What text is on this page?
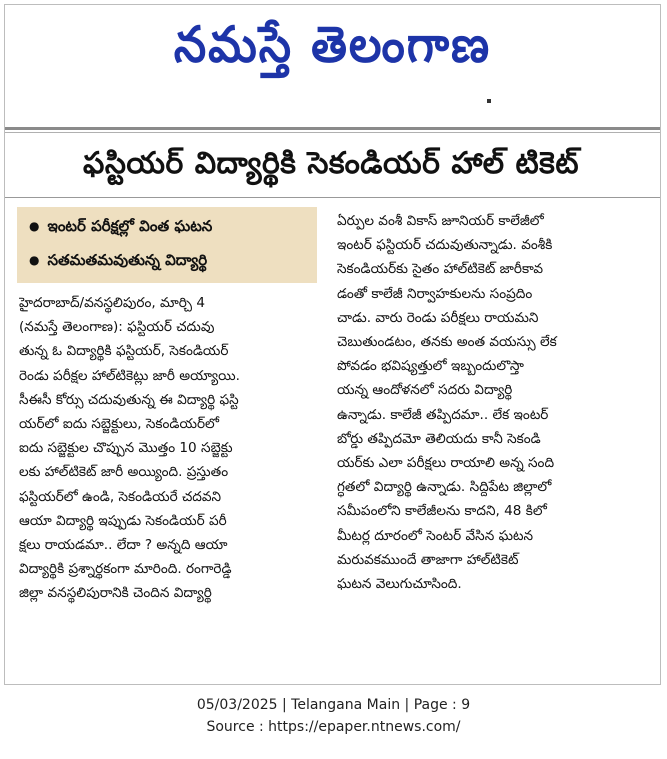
నమస్తే తెలంగాణ
ఫస్టియర్ విద్యార్థికి సెకండియర్ హాల్ టికెట్
● ఇంటర్ పరీక్షల్లో వింత ఘటన
● సతమతమవుతున్న విద్యార్థి
హైదరాబాద్/వనస్థలిపురం, మార్చి 4
(నమస్తే తెలంగాణ): ఫస్టియర్ చదువు
తున్న ఓ విద్యార్థికి ఫస్టియర్, సెకండియర్
రెండు పరీక్షల హాల్‌టికెట్లు జారీ అయ్యాయి.
సీఈసీ కోర్సు చదువుతున్న ఈ విద్యార్థి ఫస్టి
యర్‌లో ఐదు సబ్జెక్టులు, సెకండియర్‌లో
ఐదు సబ్జెక్టుల చొప్పున మొత్తం 10 సబ్జెక్టు
లకు హాల్‌టికెట్ జారీ అయ్యింది. ప్రస్తుతం
ఫస్టియర్‌లో ఉండి, సెకండియరే చదవని
ఆయా విద్యార్థి ఇప్పుడు సెకండియర్ పరీ
క్షలు రాయడమా.. లేదా ? అన్నది ఆయా
విద్యార్థికి ప్రశ్నార్థకంగా మారింది. రంగారెడ్డి
జిల్లా వనస్థలిపురానికి చెందిన విద్యార్థి
ఏర్పుల వంశీ వికాస్ జూనియర్ కాలేజీలో
ఇంటర్ ఫస్టియర్ చదువుతున్నాడు. వంశీకి
సెకండియర్‌కు సైతం హాల్‌టికెట్ జారీకావ
డంతో కాలేజీ నిర్వాహకులను సంప్రదిం
చాడు. వారు రెండు పరీక్షలు రాయమని
చెబుతుండటం, తనకు అంత వయస్సు లేక
పోవడం భవిష్యత్తులో ఇబ్బందులొస్తా
యన్న ఆందోళనలో సదరు విద్యార్థి
ఉన్నాడు. కాలేజీ తప్పిదమా.. లేక ఇంటర్
బోర్డు తప్పిదమో తెలియదు కానీ సెకండి
యర్‌కు ఎలా పరీక్షలు రాయాలి అన్న సంది
గ్ధతలో విద్యార్థి ఉన్నాడు. సిద్దిపేట జిల్లాలో
సమీపంలోని కాలేజీలను కాదని, 48 కిలో
మీటర్ల దూరంలో సెంటర్ వేసిన ఘటన
మరువకముందే తాజాగా హాల్‌టికెట్
ఘటన వెలుగుచూసింది.
05/03/2025 | Telangana Main | Page : 9
Source : https://epaper.ntnews.com/
